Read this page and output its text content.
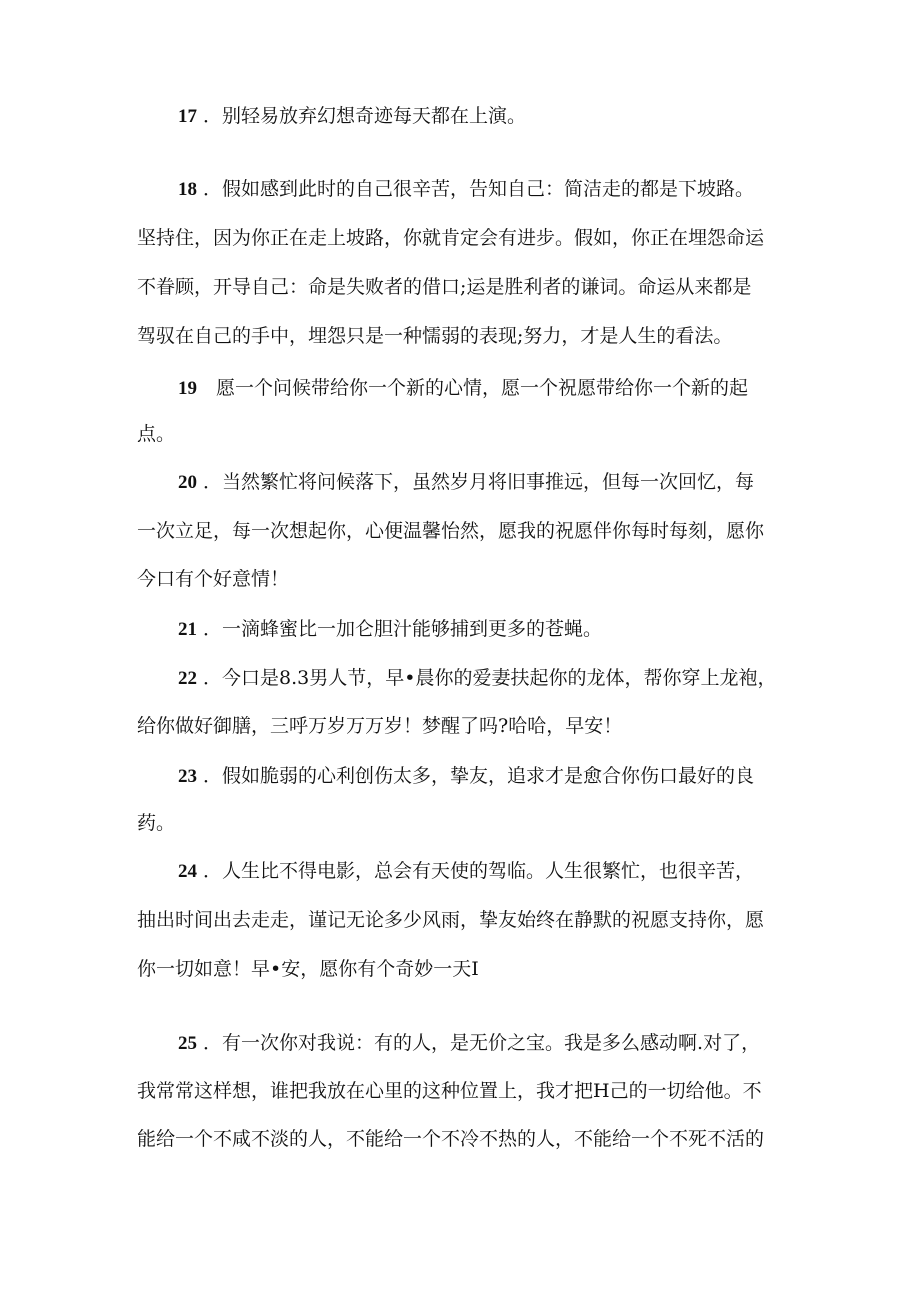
17 ．别轻易放弃幻想奇迹每天都在上演。
18 ．假如感到此时的自己很辛苦，告知自己：简洁走的都是下坡路。
坚持住，因为你正在走上坡路，你就肯定会有进步。假如，你正在埋怨命运
不眷顾，开导自己：命是失败者的借口;运是胜利者的谦词。命运从来都是
驾驭在自己的手中，埋怨只是一种懦弱的表现;努力，才是人生的看法。
19　愿一个问候带给你一个新的心情，愿一个祝愿带给你一个新的起
点。
20 ．当然繁忙将问候落下，虽然岁月将旧事推远，但每一次回忆，每
一次立足，每一次想起你，心便温馨怡然，愿我的祝愿伴你每时每刻，愿你
今口有个好意情！
21 ．一滴蜂蜜比一加仑胆汁能够捕到更多的苍蝇。
22 ．今口是8.3男人节，早•晨你的爱妻扶起你的龙体，帮你穿上龙袍，
给你做好御膳，三呼万岁万万岁！梦醒了吗?哈哈，早安！
23 ．假如脆弱的心利创伤太多，挚友，追求才是愈合你伤口最好的良
药。
24 ．人生比不得电影，总会有天使的驾临。人生很繁忙，也很辛苦，
抽出时间出去走走，谨记无论多少风雨，挚友始终在静默的祝愿支持你，愿
你一切如意！早•安，愿你有个奇妙一天I
25 ．有一次你对我说：有的人，是无价之宝。我是多么感动啊.对了，
我常常这样想，谁把我放在心里的这种位置上，我才把H己的一切给他。不
能给一个不咸不淡的人，不能给一个不冷不热的人，不能给一个不死不活的
